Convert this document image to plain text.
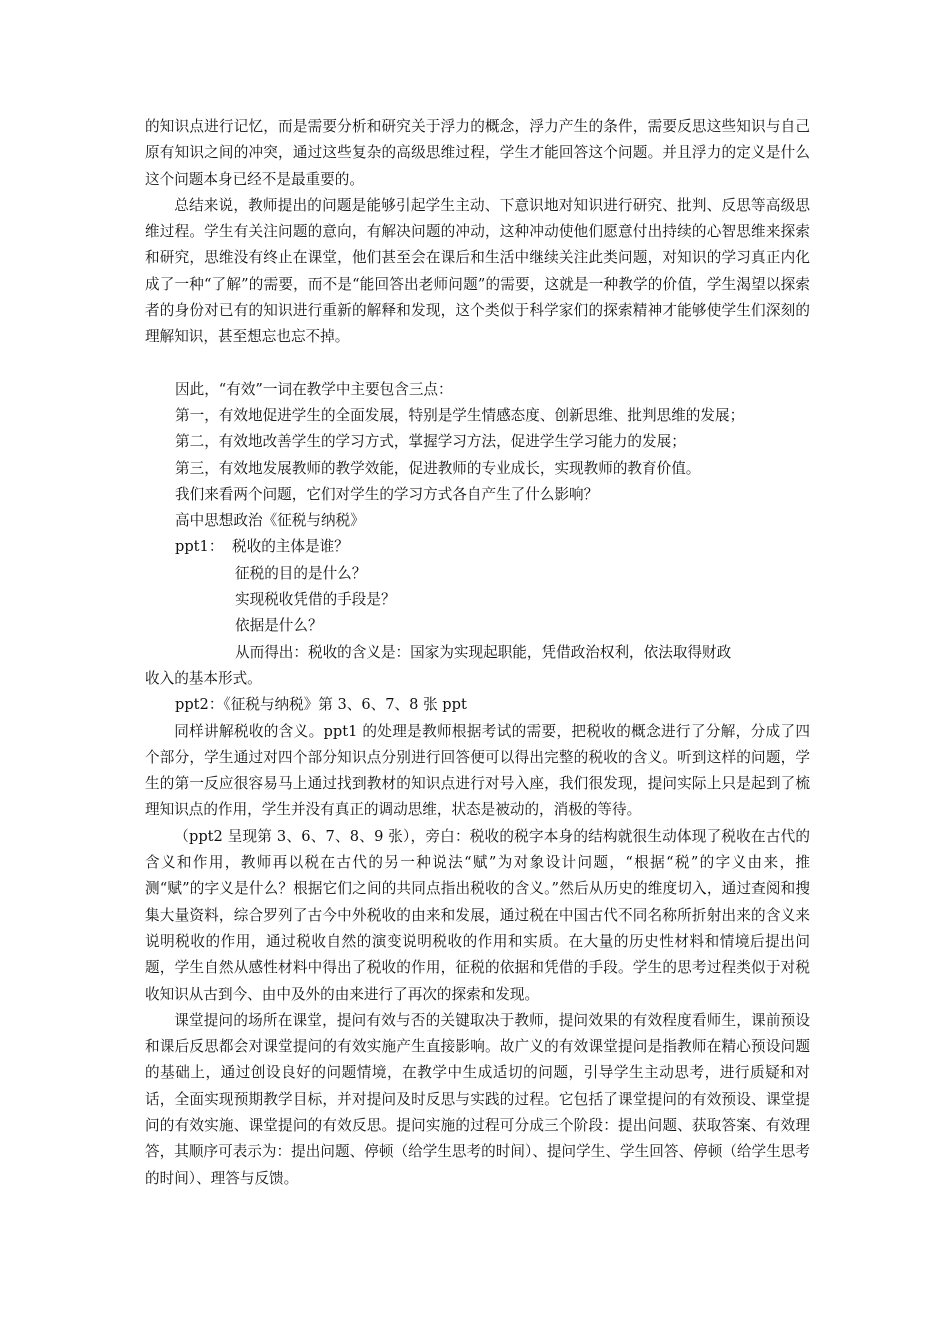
的知识点进行记忆，而是需要分析和研究关于浮力的概念，浮力产生的条件，需要反思这些知识与自己原有知识之间的冲突，通过这些复杂的高级思维过程，学生才能回答这个问题。并且浮力的定义是什么这个问题本身已经不是最重要的。

总结来说，教师提出的问题是能够引起学生主动、下意识地对知识进行研究、批判、反思等高级思维过程。学生有关注问题的意向，有解决问题的冲动，这种冲动使他们愿意付出持续的心智思维来探索和研究，思维没有终止在课堂，他们甚至会在课后和生活中继续关注此类问题，对知识的学习真正内化成了一种“了解”的需要，而不是“能回答出老师问题”的需要，这就是一种教学的价值，学生渴望以探索者的身份对已有的知识进行重新的解释和发现，这个类似于科学家们的探索精神才能够使学生们深刻的理解知识，甚至想忘也忘不掉。

因此，“有效”一词在教学中主要包含三点：

第一，有效地促进学生的全面发展，特别是学生情感态度、创新思维、批判思维的发展；

第二，有效地改善学生的学习方式，掌握学习方法，促进学生学习能力的发展；

第三，有效地发展教师的教学效能，促进教师的专业成长，实现教师的教育价值。

我们来看两个问题，它们对学生的学习方式各自产生了什么影响？

高中思想政治《征税与纳税》

ppt1： 税收的主体是谁？

征税的目的是什么？

实现税收凭借的手段是？

依据是什么？

从而得出：税收的含义是：国家为实现起职能，凭借政治权利，依法取得财政

收入的基本形式。

ppt2：《征税与纳税》第 3、6、7、8 张 ppt

同样讲解税收的含义。ppt1 的处理是教师根据考试的需要，把税收的概念进行了分解，分成了四个部分，学生通过对四个部分知识点分别进行回答便可以得出完整的税收的含义。听到这样的问题，学生的第一反应很容易马上通过找到教材的知识点进行对号入座，我们很发现，提问实际上只是起到了梳理知识点的作用，学生并没有真正的调动思维，状态是被动的，消极的等待。

（ppt2 呈现第 3、6、7、8、9 张），旁白：税收的税字本身的结构就很生动体现了税收在古代的含义和作用，教师再以税在古代的另一种说法“赋”为对象设计问题，“根据“税”的字义由来，推测“赋”的字义是什么？根据它们之间的共同点指出税收的含义。”然后从历史的维度切入，通过查阅和搜集大量资料，综合罗列了古今中外税收的由来和发展，通过税在中国古代不同名称所折射出来的含义来说明税收的作用，通过税收自然的演变说明税收的作用和实质。在大量的历史性材料和情境后提出问题，学生自然从感性材料中得出了税收的作用，征税的依据和凭借的手段。学生的思考过程类似于对税收知识从古到今、由中及外的由来进行了再次的探索和发现。

课堂提问的场所在课堂，提问有效与否的关键取决于教师，提问效果的有效程度看师生，课前预设和课后反思都会对课堂提问的有效实施产生直接影响。故广义的有效课堂提问是指教师在精心预设问题的基础上，通过创设良好的问题情境，在教学中生成适切的问题，引导学生主动思考，进行质疑和对话，全面实现预期教学目标，并对提问及时反思与实践的过程。它包括了课堂提问的有效预设、课堂提问的有效实施、课堂提问的有效反思。提问实施的过程可分成三个阶段：提出问题、获取答案、有效理答，其顺序可表示为：提出问题、停顿（给学生思考的时间）、提问学生、学生回答、停顿（给学生思考的时间）、理答与反馈。
